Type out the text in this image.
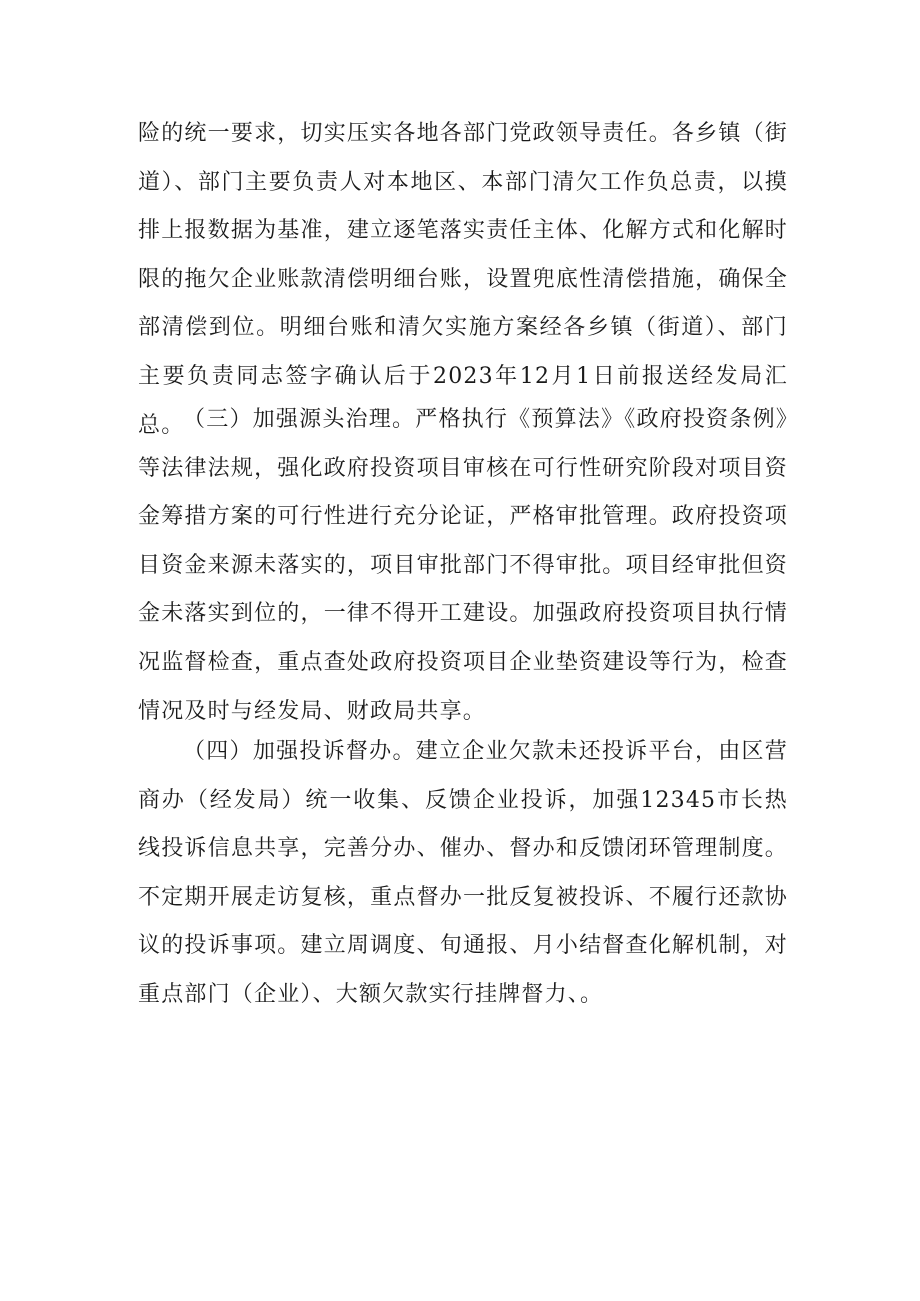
险的统一要求，切实压实各地各部门党政领导责任。各乡镇（街道）、部门主要负责人对本地区、本部门清欠工作负总责，以摸排上报数据为基准，建立逐笔落实责任主体、化解方式和化解时限的拖欠企业账款清偿明细台账，设置兜底性清偿措施，确保全部清偿到位。明细台账和清欠实施方案经各乡镇（街道）、部门主要负责同志签字确认后于2023年12月1日前报送经发局汇总。

（三）加强源头治理。严格执行《预算法》《政府投资条例》等法律法规，强化政府投资项目审核在可行性研究阶段对项目资金筹措方案的可行性进行充分论证，严格审批管理。政府投资项目资金来源未落实的，项目审批部门不得审批。项目经审批但资金未落实到位的，一律不得开工建设。加强政府投资项目执行情况监督检查，重点查处政府投资项目企业垫资建设等行为，检查情况及时与经发局、财政局共享。

（四）加强投诉督办。建立企业欠款未还投诉平台，由区营商办（经发局）统一收集、反馈企业投诉，加强12345市长热线投诉信息共享，完善分办、催办、督办和反馈闭环管理制度。不定期开展走访复核，重点督办一批反复被投诉、不履行还款协议的投诉事项。建立周调度、旬通报、月小结督查化解机制，对重点部门（企业）、大额欠款实行挂牌督力、。
